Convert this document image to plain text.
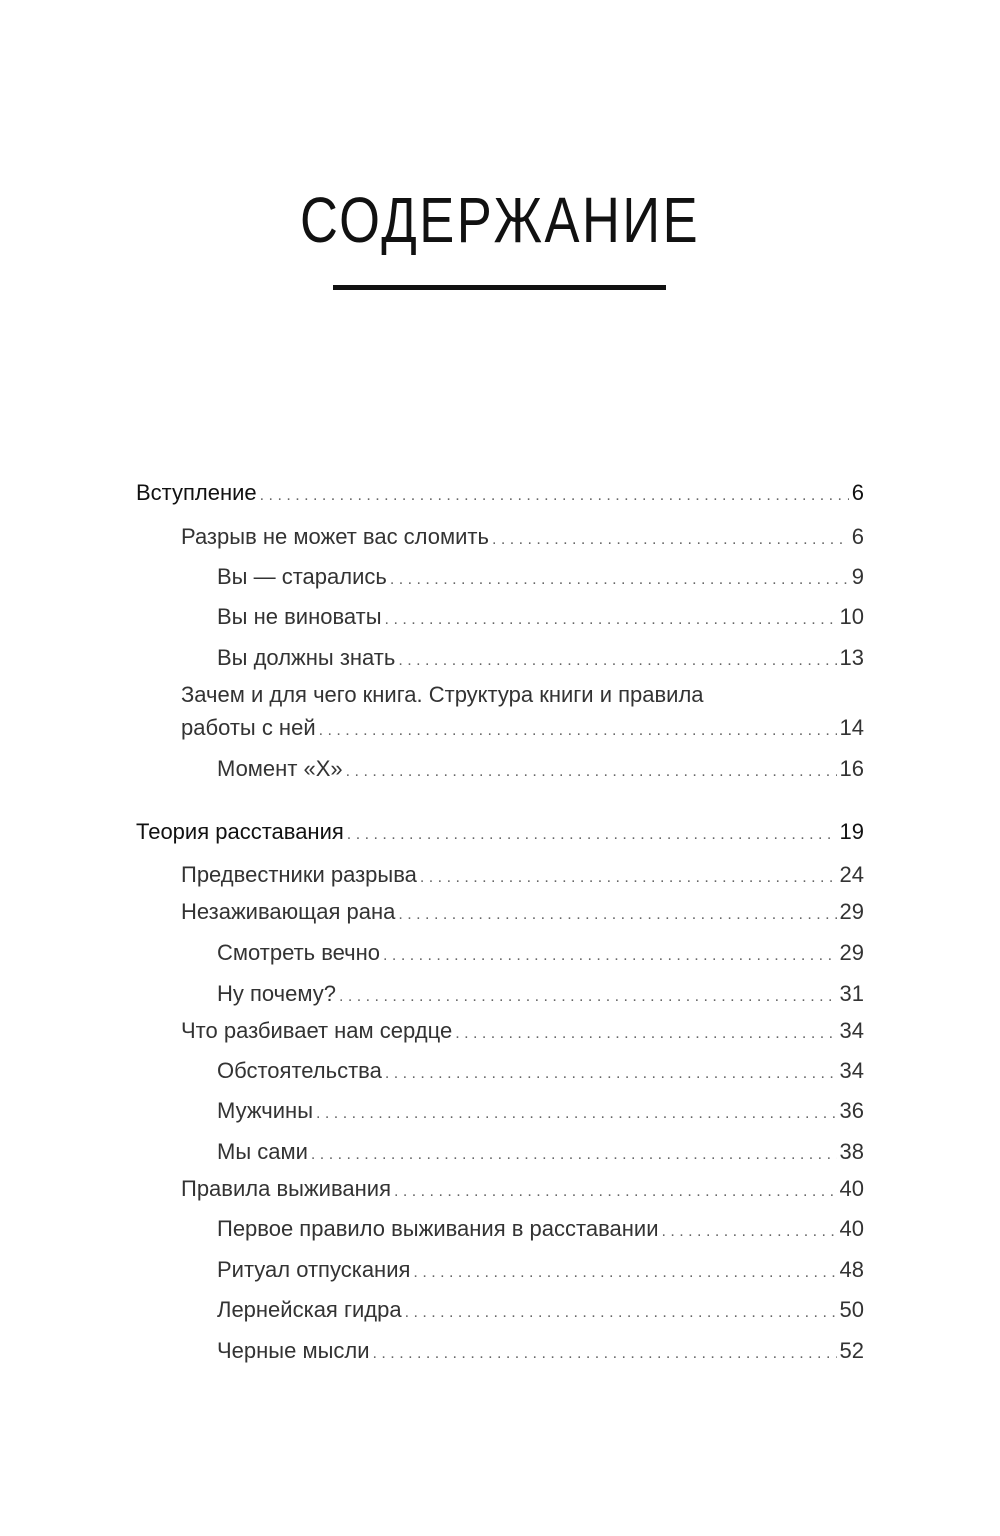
СОДЕРЖАНИЕ
Вступление . . .	6
Разрыв не может вас сломить . . .	6
Вы — старались . . .	9
Вы не виноваты . . .	10
Вы должны знать . . .	13
Зачем и для чего книга. Структура книги и правила
работы с ней . . .	14
Момент «Х» . . .	16
Теория расставания . . .	19
Предвестники разрыва . . .	24
Незаживающая рана . . .	29
Смотреть вечно . . .	29
Ну почему? . . .	31
Что разбивает нам сердце . . .	34
Обстоятельства . . .	34
Мужчины . . .	36
Мы сами . . .	38
Правила выживания . . .	40
Первое правило выживания в расставании . . .	40
Ритуал отпускания . . .	48
Лернейская гидра . . .	50
Черные мысли . . .	52
